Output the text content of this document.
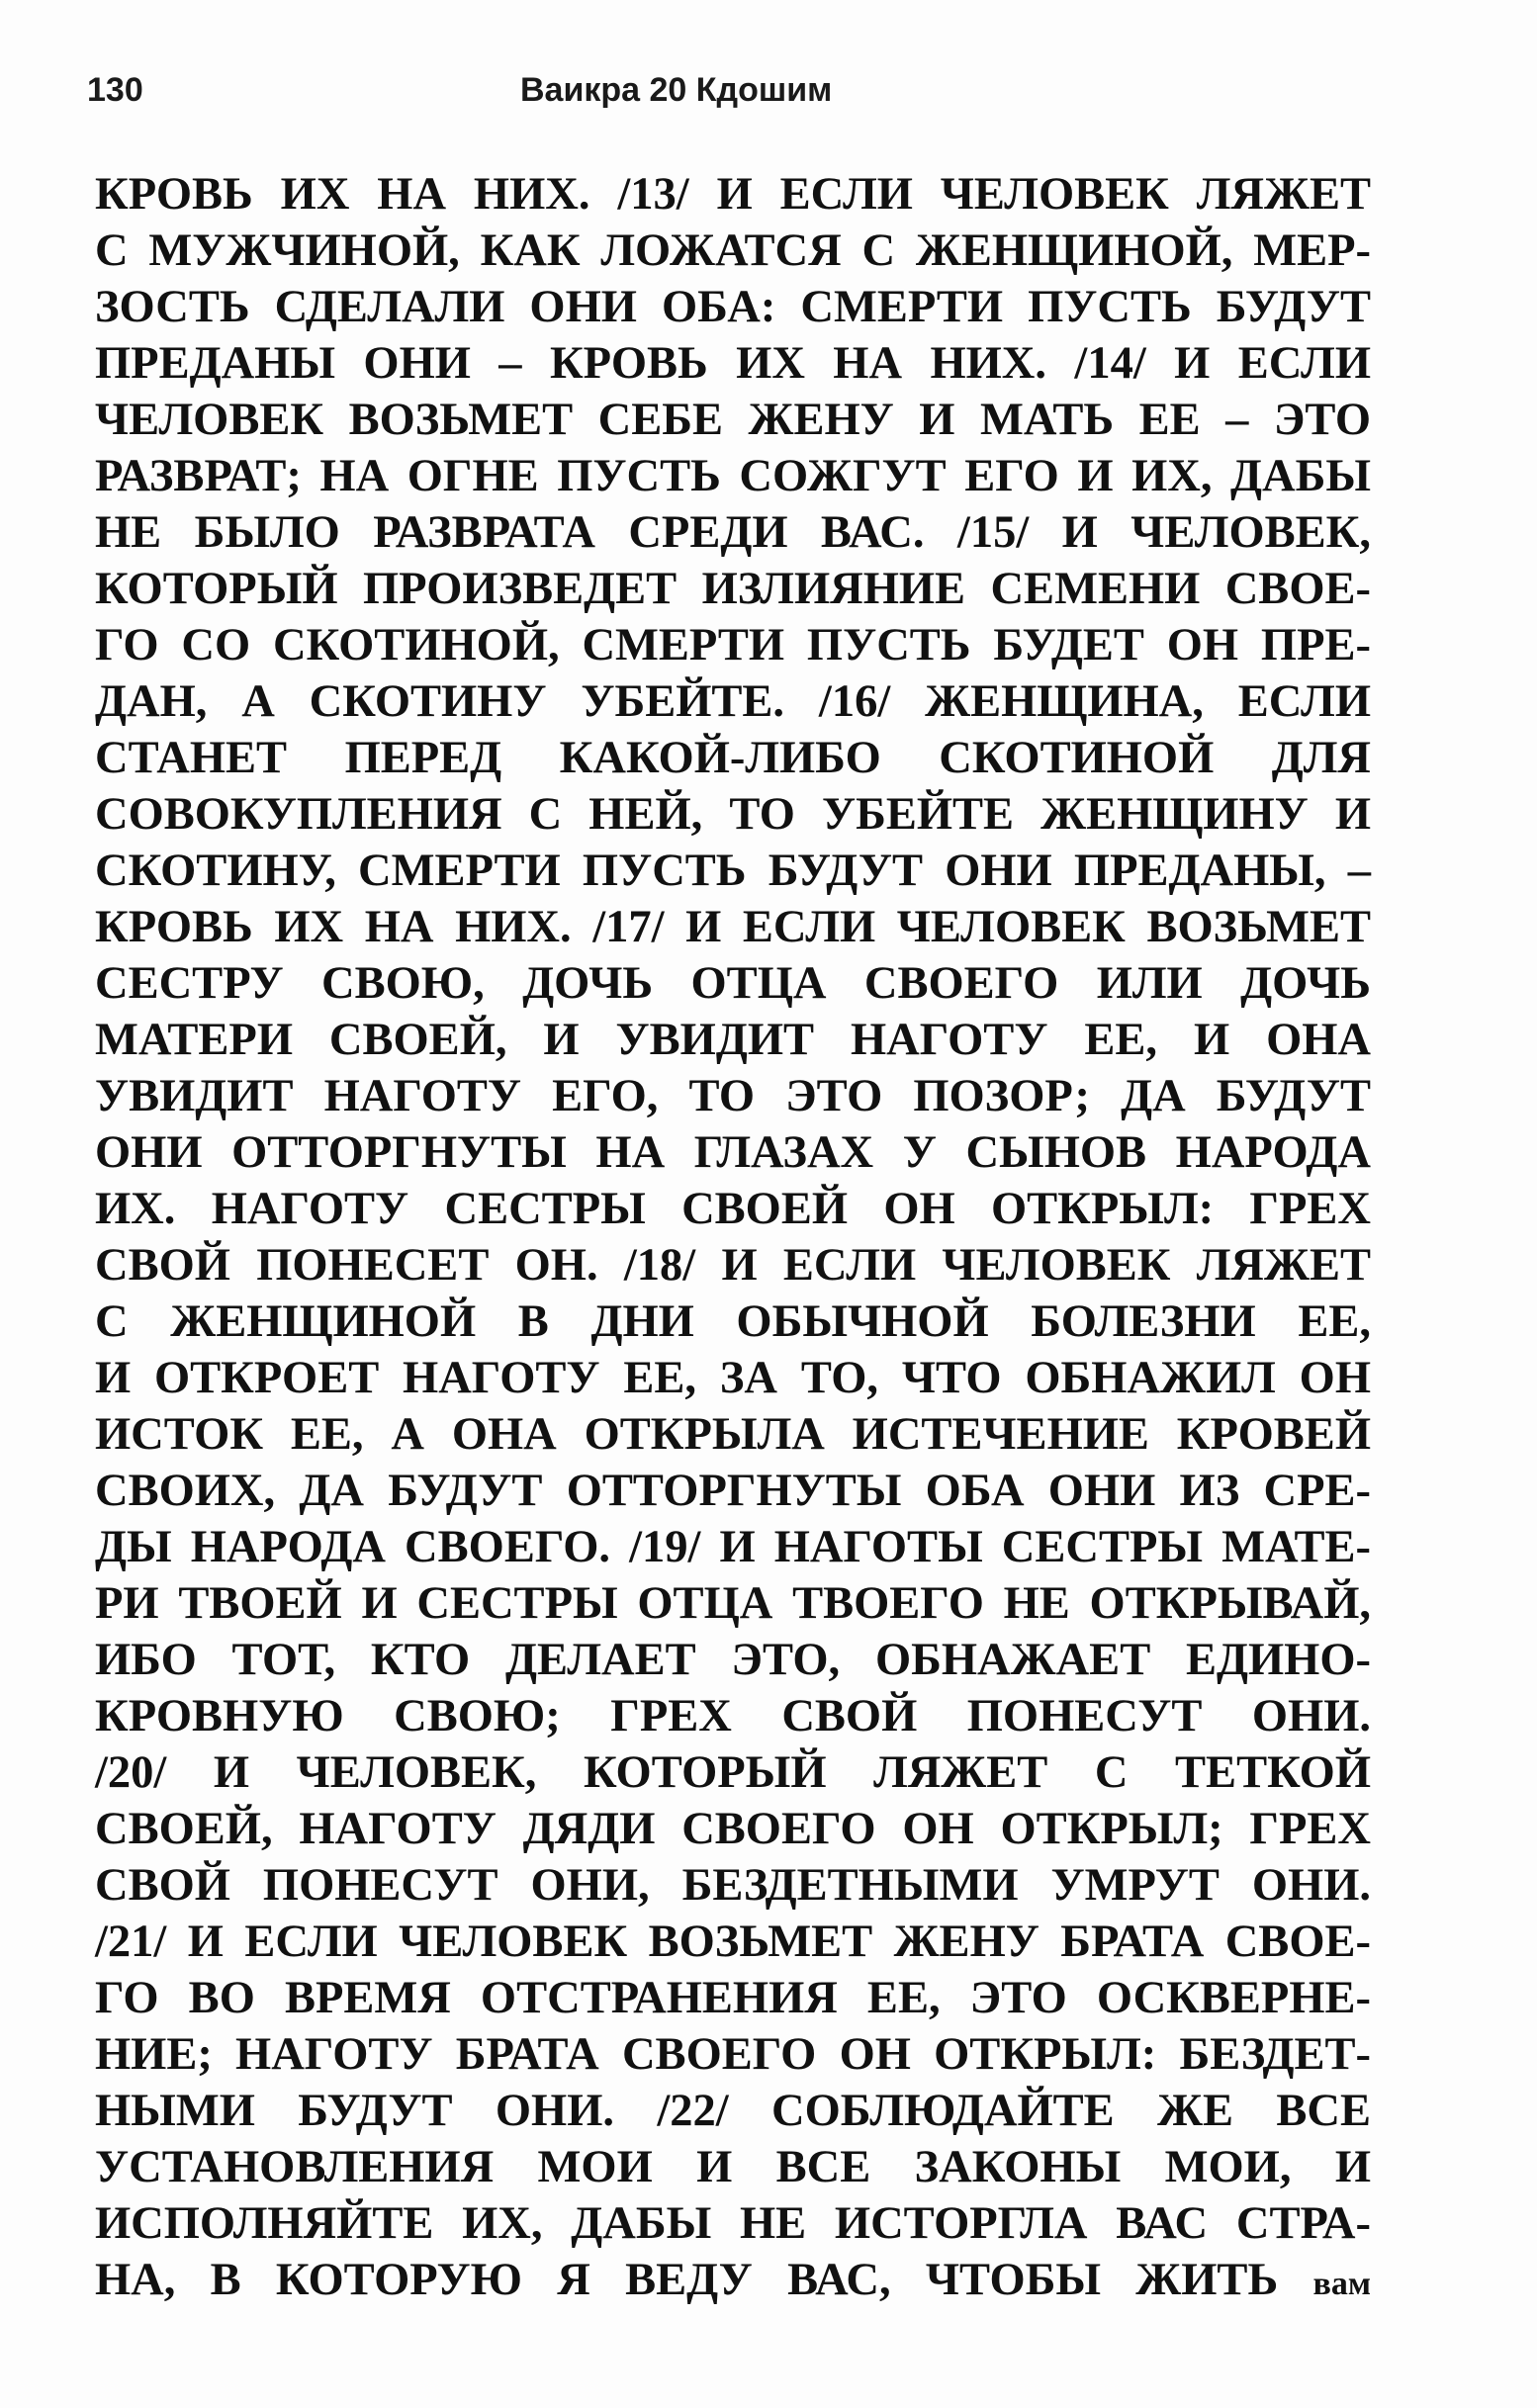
130	Ваикра 20 Кдошим
КРОВЬ ИХ НА НИХ. /13/ И ЕСЛИ ЧЕЛОВЕК ЛЯЖЕТ
С МУЖЧИНОЙ, КАК ЛОЖАТСЯ С ЖЕНЩИНОЙ, МЕР-
ЗОСТЬ СДЕЛАЛИ ОНИ ОБА: СМЕРТИ ПУСТЬ БУДУТ
ПРЕДАНЫ ОНИ – КРОВЬ ИХ НА НИХ. /14/ И ЕСЛИ
ЧЕЛОВЕК ВОЗЬМЕТ СЕБЕ ЖЕНУ И МАТЬ ЕЕ – ЭТО
РАЗВРАТ; НА ОГНЕ ПУСТЬ СОЖГУТ ЕГО И ИХ, ДАБЫ
НЕ БЫЛО РАЗВРАТА СРЕДИ ВАС. /15/ И ЧЕЛОВЕК,
КОТОРЫЙ ПРОИЗВЕДЕТ ИЗЛИЯНИЕ СЕМЕНИ СВОЕ-
ГО СО СКОТИНОЙ, СМЕРТИ ПУСТЬ БУДЕТ ОН ПРЕ-
ДАН, А СКОТИНУ УБЕЙТЕ. /16/ ЖЕНЩИНА, ЕСЛИ
СТАНЕТ ПЕРЕД КАКОЙ-ЛИБО СКОТИНОЙ ДЛЯ
СОВОКУПЛЕНИЯ С НЕЙ, ТО УБЕЙТЕ ЖЕНЩИНУ И
СКОТИНУ, СМЕРТИ ПУСТЬ БУДУТ ОНИ ПРЕДАНЫ, –
КРОВЬ ИХ НА НИХ. /17/ И ЕСЛИ ЧЕЛОВЕК ВОЗЬМЕТ
СЕСТРУ СВОЮ, ДОЧЬ ОТЦА СВОЕГО ИЛИ ДОЧЬ
МАТЕРИ СВОЕЙ, И УВИДИТ НАГОТУ ЕЕ, И ОНА
УВИДИТ НАГОТУ ЕГО, ТО ЭТО ПОЗОР; ДА БУДУТ
ОНИ ОТТОРГНУТЫ НА ГЛАЗАХ У СЫНОВ НАРОДА
ИХ. НАГОТУ СЕСТРЫ СВОЕЙ ОН ОТКРЫЛ: ГРЕХ
СВОЙ ПОНЕСЕТ ОН. /18/ И ЕСЛИ ЧЕЛОВЕК ЛЯЖЕТ
С ЖЕНЩИНОЙ В ДНИ ОБЫЧНОЙ БОЛЕЗНИ ЕЕ,
И ОТКРОЕТ НАГОТУ ЕЕ, ЗА ТО, ЧТО ОБНАЖИЛ ОН
ИСТОК ЕЕ, А ОНА ОТКРЫЛА ИСТЕЧЕНИЕ КРОВЕЙ
СВОИХ, ДА БУДУТ ОТТОРГНУТЫ ОБА ОНИ ИЗ СРЕ-
ДЫ НАРОДА СВОЕГО. /19/ И НАГОТЫ СЕСТРЫ МАТЕ-
РИ ТВОЕЙ И СЕСТРЫ ОТЦА ТВОЕГО НЕ ОТКРЫВАЙ,
ИБО ТОТ, КТО ДЕЛАЕТ ЭТО, ОБНАЖАЕТ ЕДИНО-
КРОВНУЮ СВОЮ; ГРЕХ СВОЙ ПОНЕСУТ ОНИ.
/20/ И ЧЕЛОВЕК, КОТОРЫЙ ЛЯЖЕТ С ТЕТКОЙ
СВОЕЙ, НАГОТУ ДЯДИ СВОЕГО ОН ОТКРЫЛ; ГРЕХ
СВОЙ ПОНЕСУТ ОНИ, БЕЗДЕТНЫМИ УМРУТ ОНИ.
/21/ И ЕСЛИ ЧЕЛОВЕК ВОЗЬМЕТ ЖЕНУ БРАТА СВОЕ-
ГО ВО ВРЕМЯ ОТСТРАНЕНИЯ ЕЕ, ЭТО ОСКВЕРНЕ-
НИЕ; НАГОТУ БРАТА СВОЕГО ОН ОТКРЫЛ: БЕЗДЕТ-
НЫМИ БУДУТ ОНИ. /22/ СОБЛЮДАЙТЕ ЖЕ ВСЕ
УСТАНОВЛЕНИЯ МОИ И ВСЕ ЗАКОНЫ МОИ, И
ИСПОЛНЯЙТЕ ИХ, ДАБЫ НЕ ИСТОРГЛА ВАС СТРА-
НА, В КОТОРУЮ Я ВЕДУ ВАС, ЧТОБЫ ЖИТЬ вам
